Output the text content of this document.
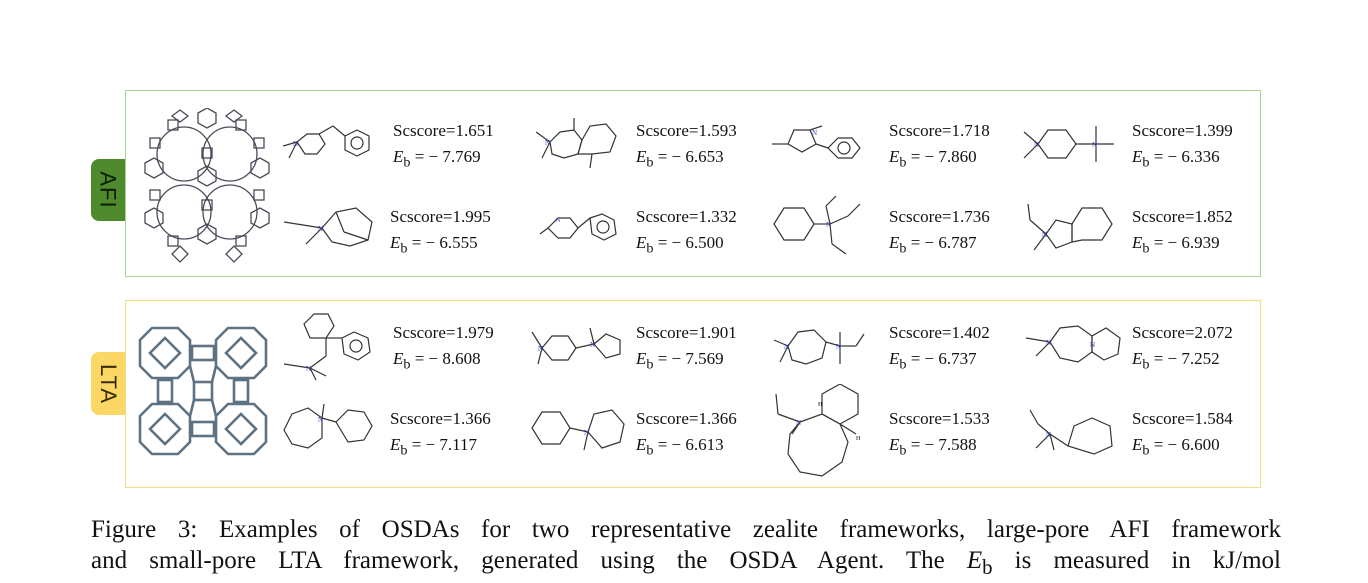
AFI
N	N
N
N	N
N
N	N
N
Scscore=1.651
$E_b$ = − 7.769
Scscore=1.593
$E_b$ = − 6.653
Scscore=1.718
$E_b$ = − 7.860
Scscore=1.399
$E_b$ = − 6.336
Scscore=1.995
$E_b$ = − 6.555
Scscore=1.332
$E_b$ = − 6.500
Scscore=1.736
$E_b$ = − 6.787
Scscore=1.852
$E_b$ = − 6.939
LTA	N
N	N	N	N	N	N
N
N
N
H
H	N
Scscore=1.979
$E_b$ = − 8.608
Scscore=1.901
$E_b$ = − 7.569
Scscore=1.402
$E_b$ = − 6.737
Scscore=2.072
$E_b$ = − 7.252
Scscore=1.366
$E_b$ = − 7.117
Scscore=1.366
$E_b$ = − 6.613
Scscore=1.533
$E_b$ = − 7.588
Scscore=1.584
$E_b$ = − 6.600
Figure 3: Examples of OSDAs for two representative zealite frameworks, large-pore AFI framework
and small-pore LTA framework, generated using the OSDA Agent. The $E_b$ is measured in kJ/mol
